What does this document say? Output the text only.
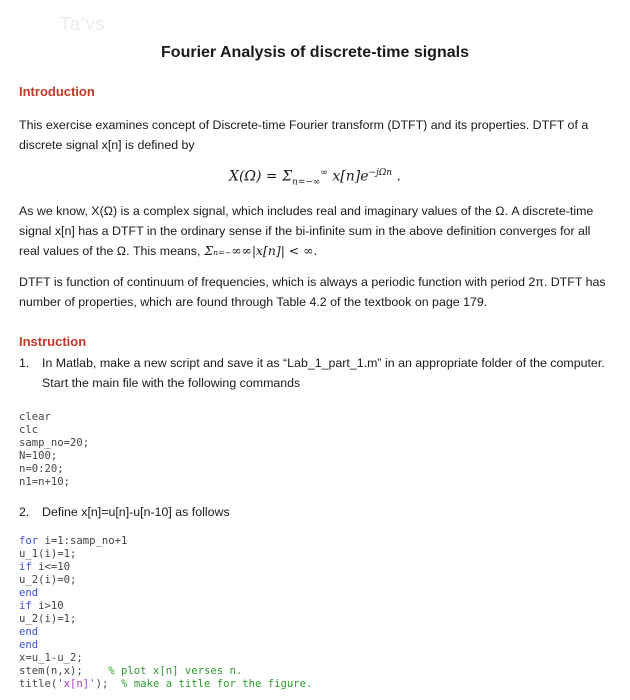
Ta'vs
Fourier Analysis of discrete-time signals
Introduction
This exercise examines concept of Discrete-time Fourier transform (DTFT) and its properties. DTFT of a discrete signal x[n] is defined by
$X(\Omega) = \Sigma_{n=-\infty}^\infty$ $x[n]e^{-j\Omega n}$ .
As we know, X(Ω) is a complex signal, which includes real and imaginary values of the Ω. A discrete-time signal x[n] has a DTFT in the ordinary sense if the bi-infinite sum in the above definition converges for all real values of the Ω. This means, Σₙ₌₋∞∞|x[n]| < ∞.
DTFT is function of continuum of frequencies, which is always a periodic function with period 2π. DTFT has number of properties, which are found through Table 4.2 of the textbook on page 179.
Instruction
1. In Matlab, make a new script and save it as “Lab_1_part_1.m” in an appropriate folder of the computer. Start the main file with the following commands
clear
clc
samp_no=20;
N=100;
n=0:20;
n1=n+10;
2. Define x[n]=u[n]-u[n-10] as follows
for i=1:samp_no+1
u_1(i)=1;
if i<=10
u_2(i)=0;
end
if i>10
u_2(i)=1;
end
end
x=u_1-u_2;
stem(n,x); % plot x[n] verses n.
title('x[n]'); % make a title for the figure.
